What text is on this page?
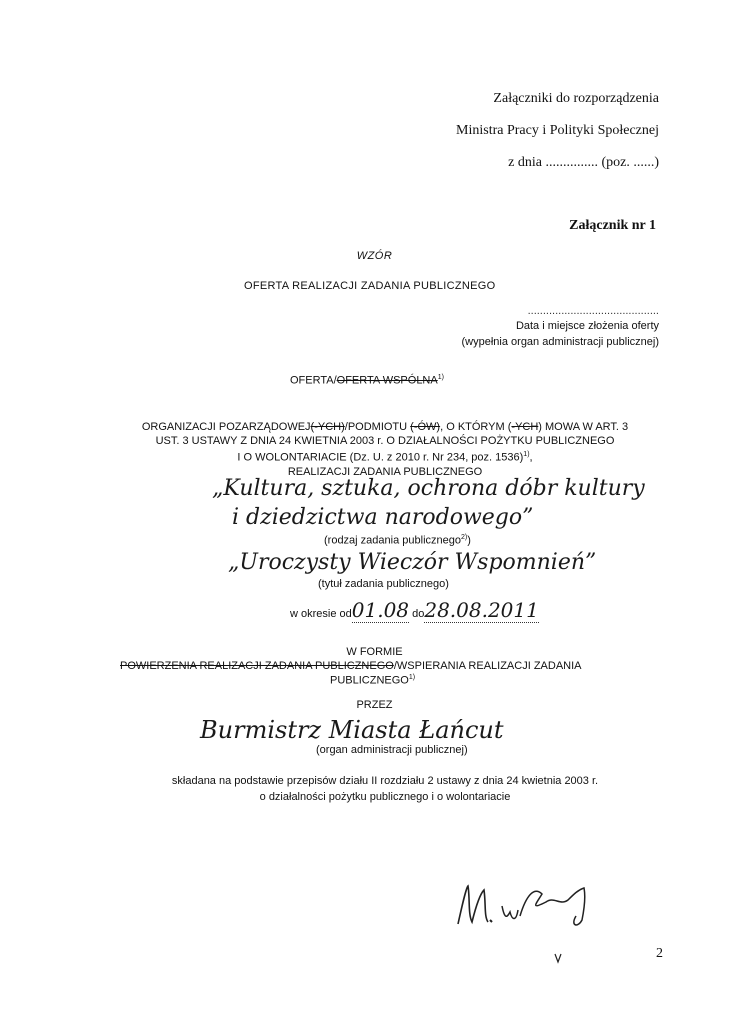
Załączniki do rozporządzenia
Ministra Pracy i Polityki Społecznej
z dnia ............... (poz. ......)
Załącznik nr 1
WZÓR
OFERTA REALIZACJI ZADANIA PUBLICZNEGO
...........................................
Data i miejsce złożenia oferty
(wypełnia organ administracji publicznej)
OFERTA/OFERTA WSPÓLNA$^{1)}$
ORGANIZACJI POZARZĄDOWEJ(-YCH)/PODMIOTU (-ÓW), O KTÓRYM (-YCH) MOWA W ART. 3
UST. 3 USTAWY Z DNIA 24 KWIETNIA 2003 r. O DZIAŁALNOŚCI POŻYTKU PUBLICZNEGO
I O WOLONTARIACIE (Dz. U. z 2010 r. Nr 234, poz. 1536)$^{1)}$,
REALIZACJI ZADANIA PUBLICZNEGO
„Kultura, sztuka, ochrona dóbr kultury
i dziedzictwa narodowego”
(rodzaj zadania publicznego$^{2)}$)
„Uroczysty Wieczór Wspomnień”
(tytuł zadania publicznego)
w okresie od01.08 do28.08.2011
W FORMIE
POWIERZENIA REALIZACJI ZADANIA PUBLICZNEGO/WSPIERANIA REALIZACJI ZADANIA
PUBLICZNEGO$^{1)}$
PRZEZ
Burmistrz Miasta Łańcut
(organ administracji publicznej)
składana na podstawie przepisów działu II rozdziału 2 ustawy z dnia 24 kwietnia 2003 r.
o działalności pożytku publicznego i o wolontariacie
2
